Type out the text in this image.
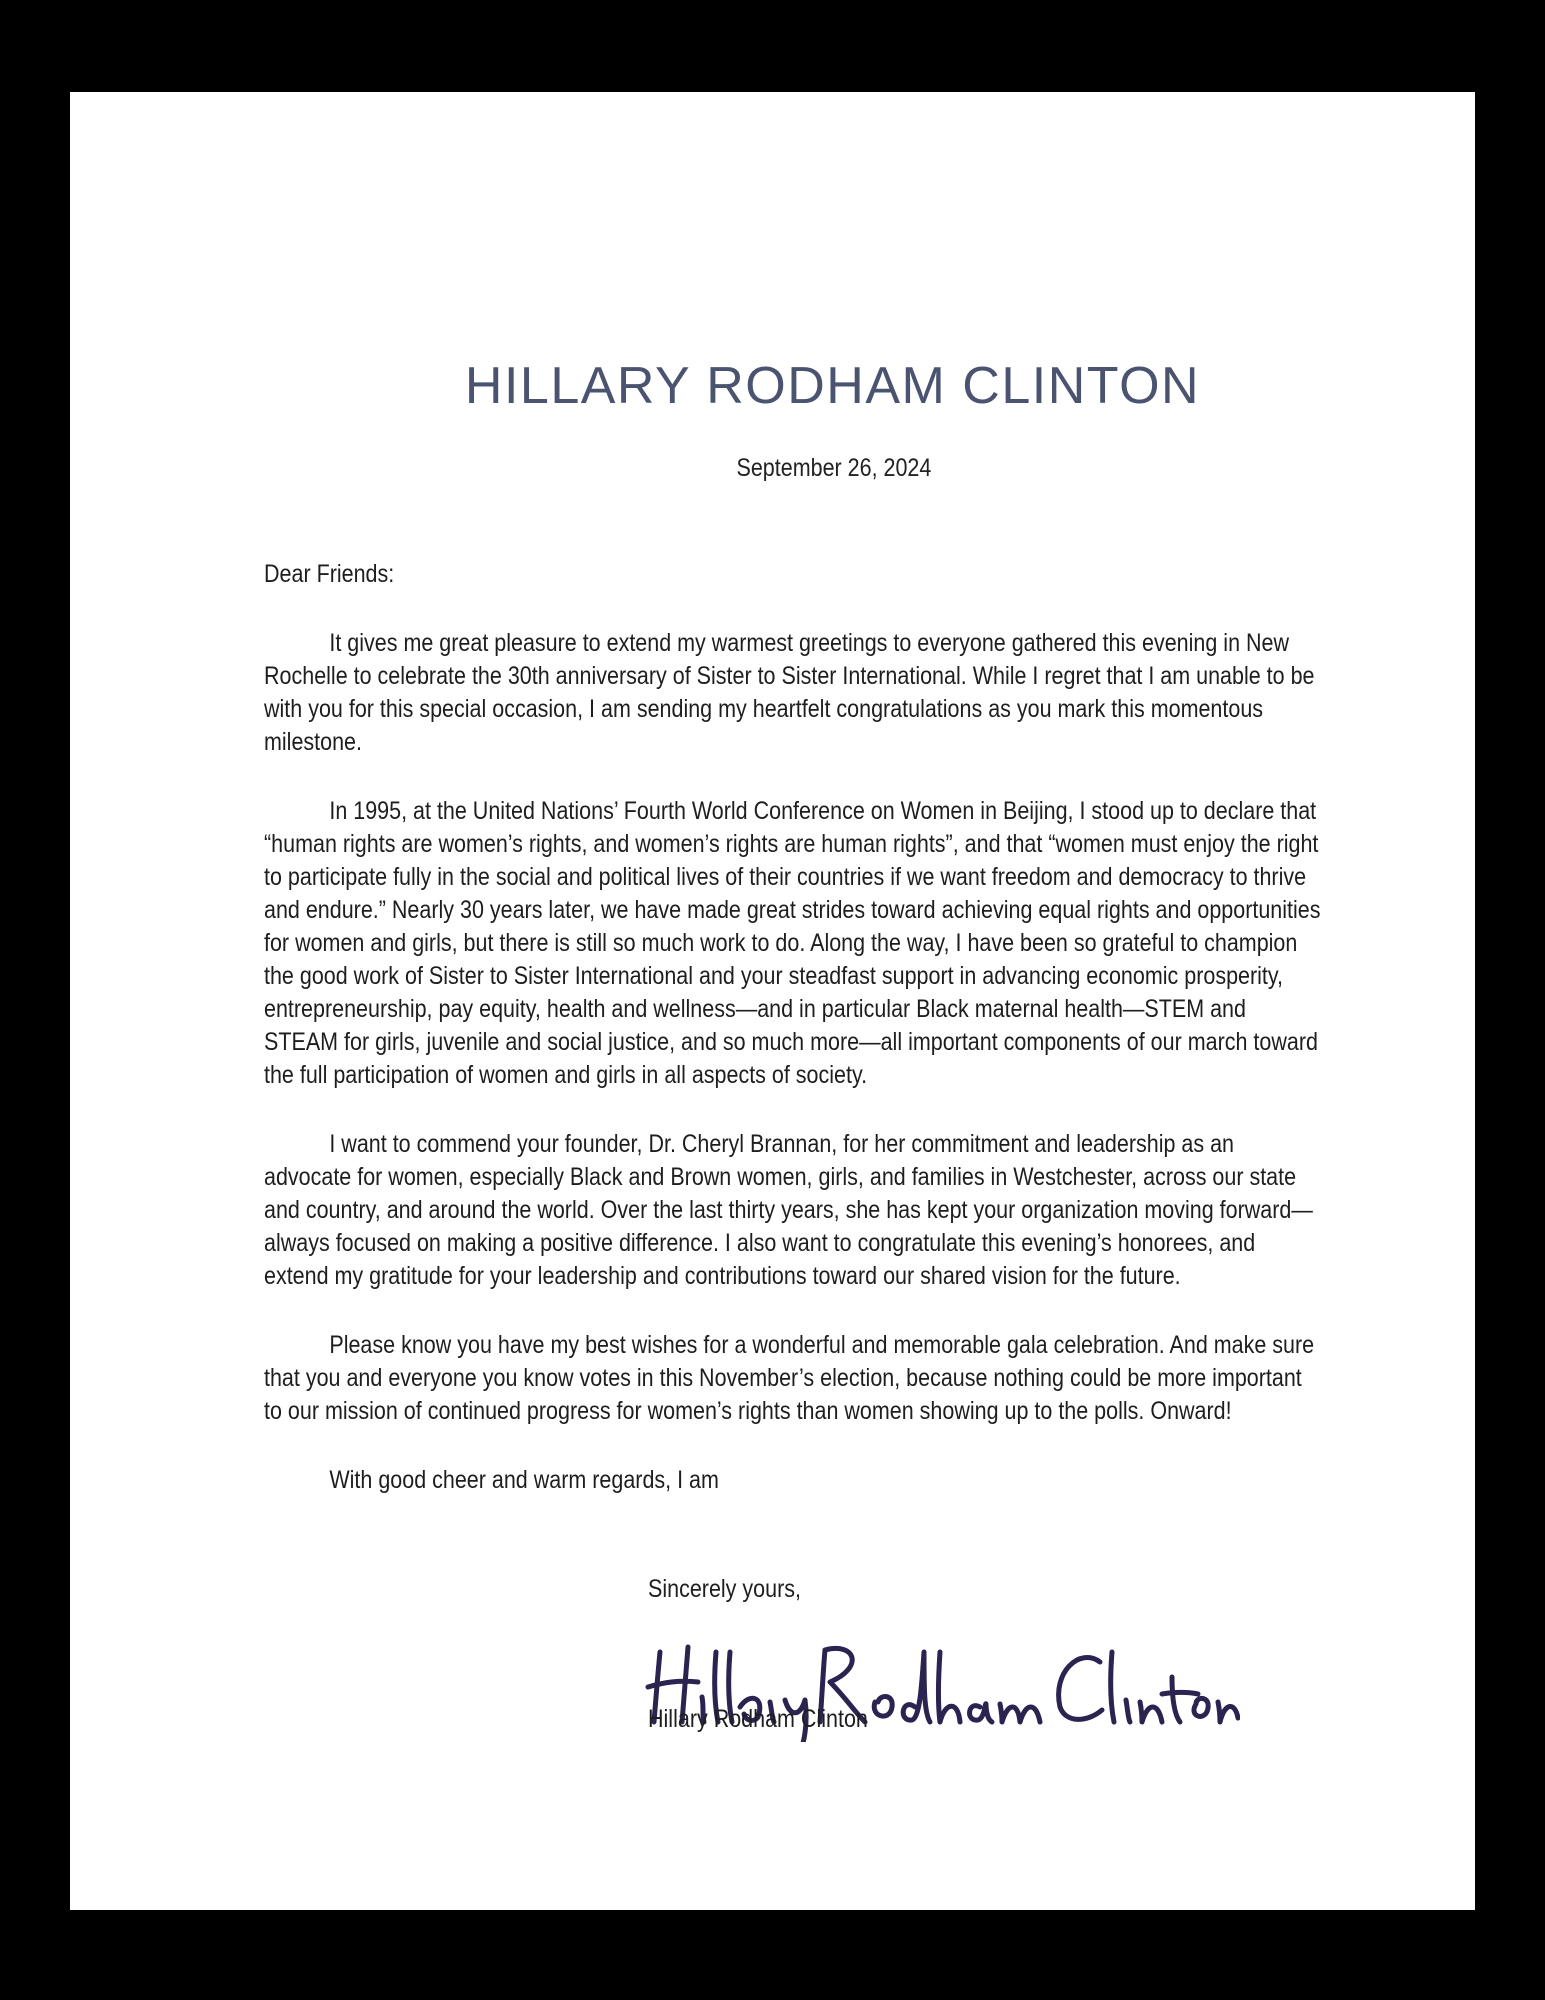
HILLARY RODHAM CLINTON
September 26, 2024

Dear Friends:

It gives me great pleasure to extend my warmest greetings to everyone gathered this evening in New Rochelle to celebrate the 30th anniversary of Sister to Sister International. While I regret that I am unable to be with you for this special occasion, I am sending my heartfelt congratulations as you mark this momentous milestone.

In 1995, at the United Nations’ Fourth World Conference on Women in Beijing, I stood up to declare that “human rights are women’s rights, and women’s rights are human rights”, and that “women must enjoy the right to participate fully in the social and political lives of their countries if we want freedom and democracy to thrive and endure.” Nearly 30 years later, we have made great strides toward achieving equal rights and opportunities for women and girls, but there is still so much work to do. Along the way, I have been so grateful to champion the good work of Sister to Sister International and your steadfast support in advancing economic prosperity, entrepreneurship, pay equity, health and wellness—and in particular Black maternal health—STEM and STEAM for girls, juvenile and social justice, and so much more—all important components of our march toward the full participation of women and girls in all aspects of society.

I want to commend your founder, Dr. Cheryl Brannan, for her commitment and leadership as an advocate for women, especially Black and Brown women, girls, and families in Westchester, across our state and country, and around the world. Over the last thirty years, she has kept your organization moving forward—always focused on making a positive difference. I also want to congratulate this evening’s honorees, and extend my gratitude for your leadership and contributions toward our shared vision for the future.

Please know you have my best wishes for a wonderful and memorable gala celebration. And make sure that you and everyone you know votes in this November’s election, because nothing could be more important to our mission of continued progress for women’s rights than women showing up to the polls. Onward!

With good cheer and warm regards, I am

Sincerely yours,
Hillary Rodham Clinton
